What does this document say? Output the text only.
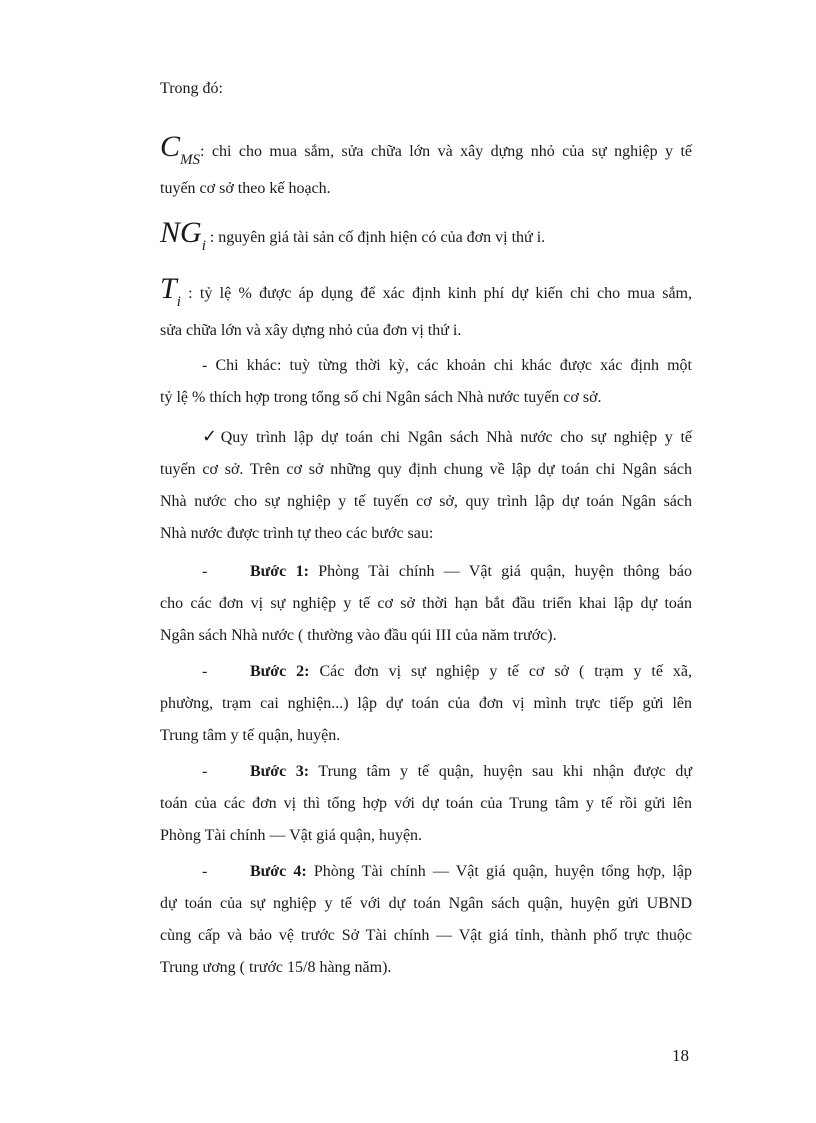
Trong đó:
CMS: chi cho mua sắm, sửa chữa lớn và xây dựng nhỏ của sự nghiệp y tế
tuyến cơ sở theo kế hoạch.
NGi : nguyên giá tài sản cố định hiện có của đơn vị thứ i.
Ti : tỷ lệ % được áp dụng để xác định kinh phí dự kiến chi cho mua sắm,
sửa chữa lớn và xây dựng nhỏ của đơn vị thứ i.
- Chi khác: tuỳ từng thời kỳ, các khoản chi khác được xác định một
tỷ lệ % thích hợp trong tổng số chi Ngân sách Nhà nước tuyến cơ sở.
✓Quy trình lập dự toán chi Ngân sách Nhà nước cho sự nghiệp y tế
tuyến cơ sở. Trên cơ sở những quy định chung về lập dự toán chi Ngân sách
Nhà nước cho sự nghiệp y tế tuyến cơ sở, quy trình lập dự toán Ngân sách
Nhà nước được trình tự theo các bước sau:
-	Bước 1: Phòng Tài chính — Vật giá quận, huyện thông báo
cho các đơn vị sự nghiệp y tế cơ sở thời hạn bắt đầu triển khai lập dự toán
Ngân sách Nhà nước ( thường vào đầu qúi III của năm trước).
-	Bước 2: Các đơn vị sự nghiệp y tế cơ sở ( trạm y tế xã,
phường, trạm cai nghiện...) lập dự toán của đơn vị mình trực tiếp gửi lên
Trung tâm y tế quận, huyện.
-	Bước 3: Trung tâm y tế quận, huyện sau khi nhận được dự
toán của các đơn vị thì tổng hợp với dự toán của Trung tâm y tế rồi gửi lên
Phòng Tài chính — Vật giá quận, huyện.
-	Bước 4: Phòng Tài chính — Vật giá quận, huyện tổng hợp, lập
dự toán của sự nghiệp y tế với dự toán Ngân sách quận, huyện gửi UBND
cùng cấp và bảo vệ trước Sở Tài chính — Vật giá tỉnh, thành phố trực thuộc
Trung ương ( trước 15/8 hàng năm).
18
